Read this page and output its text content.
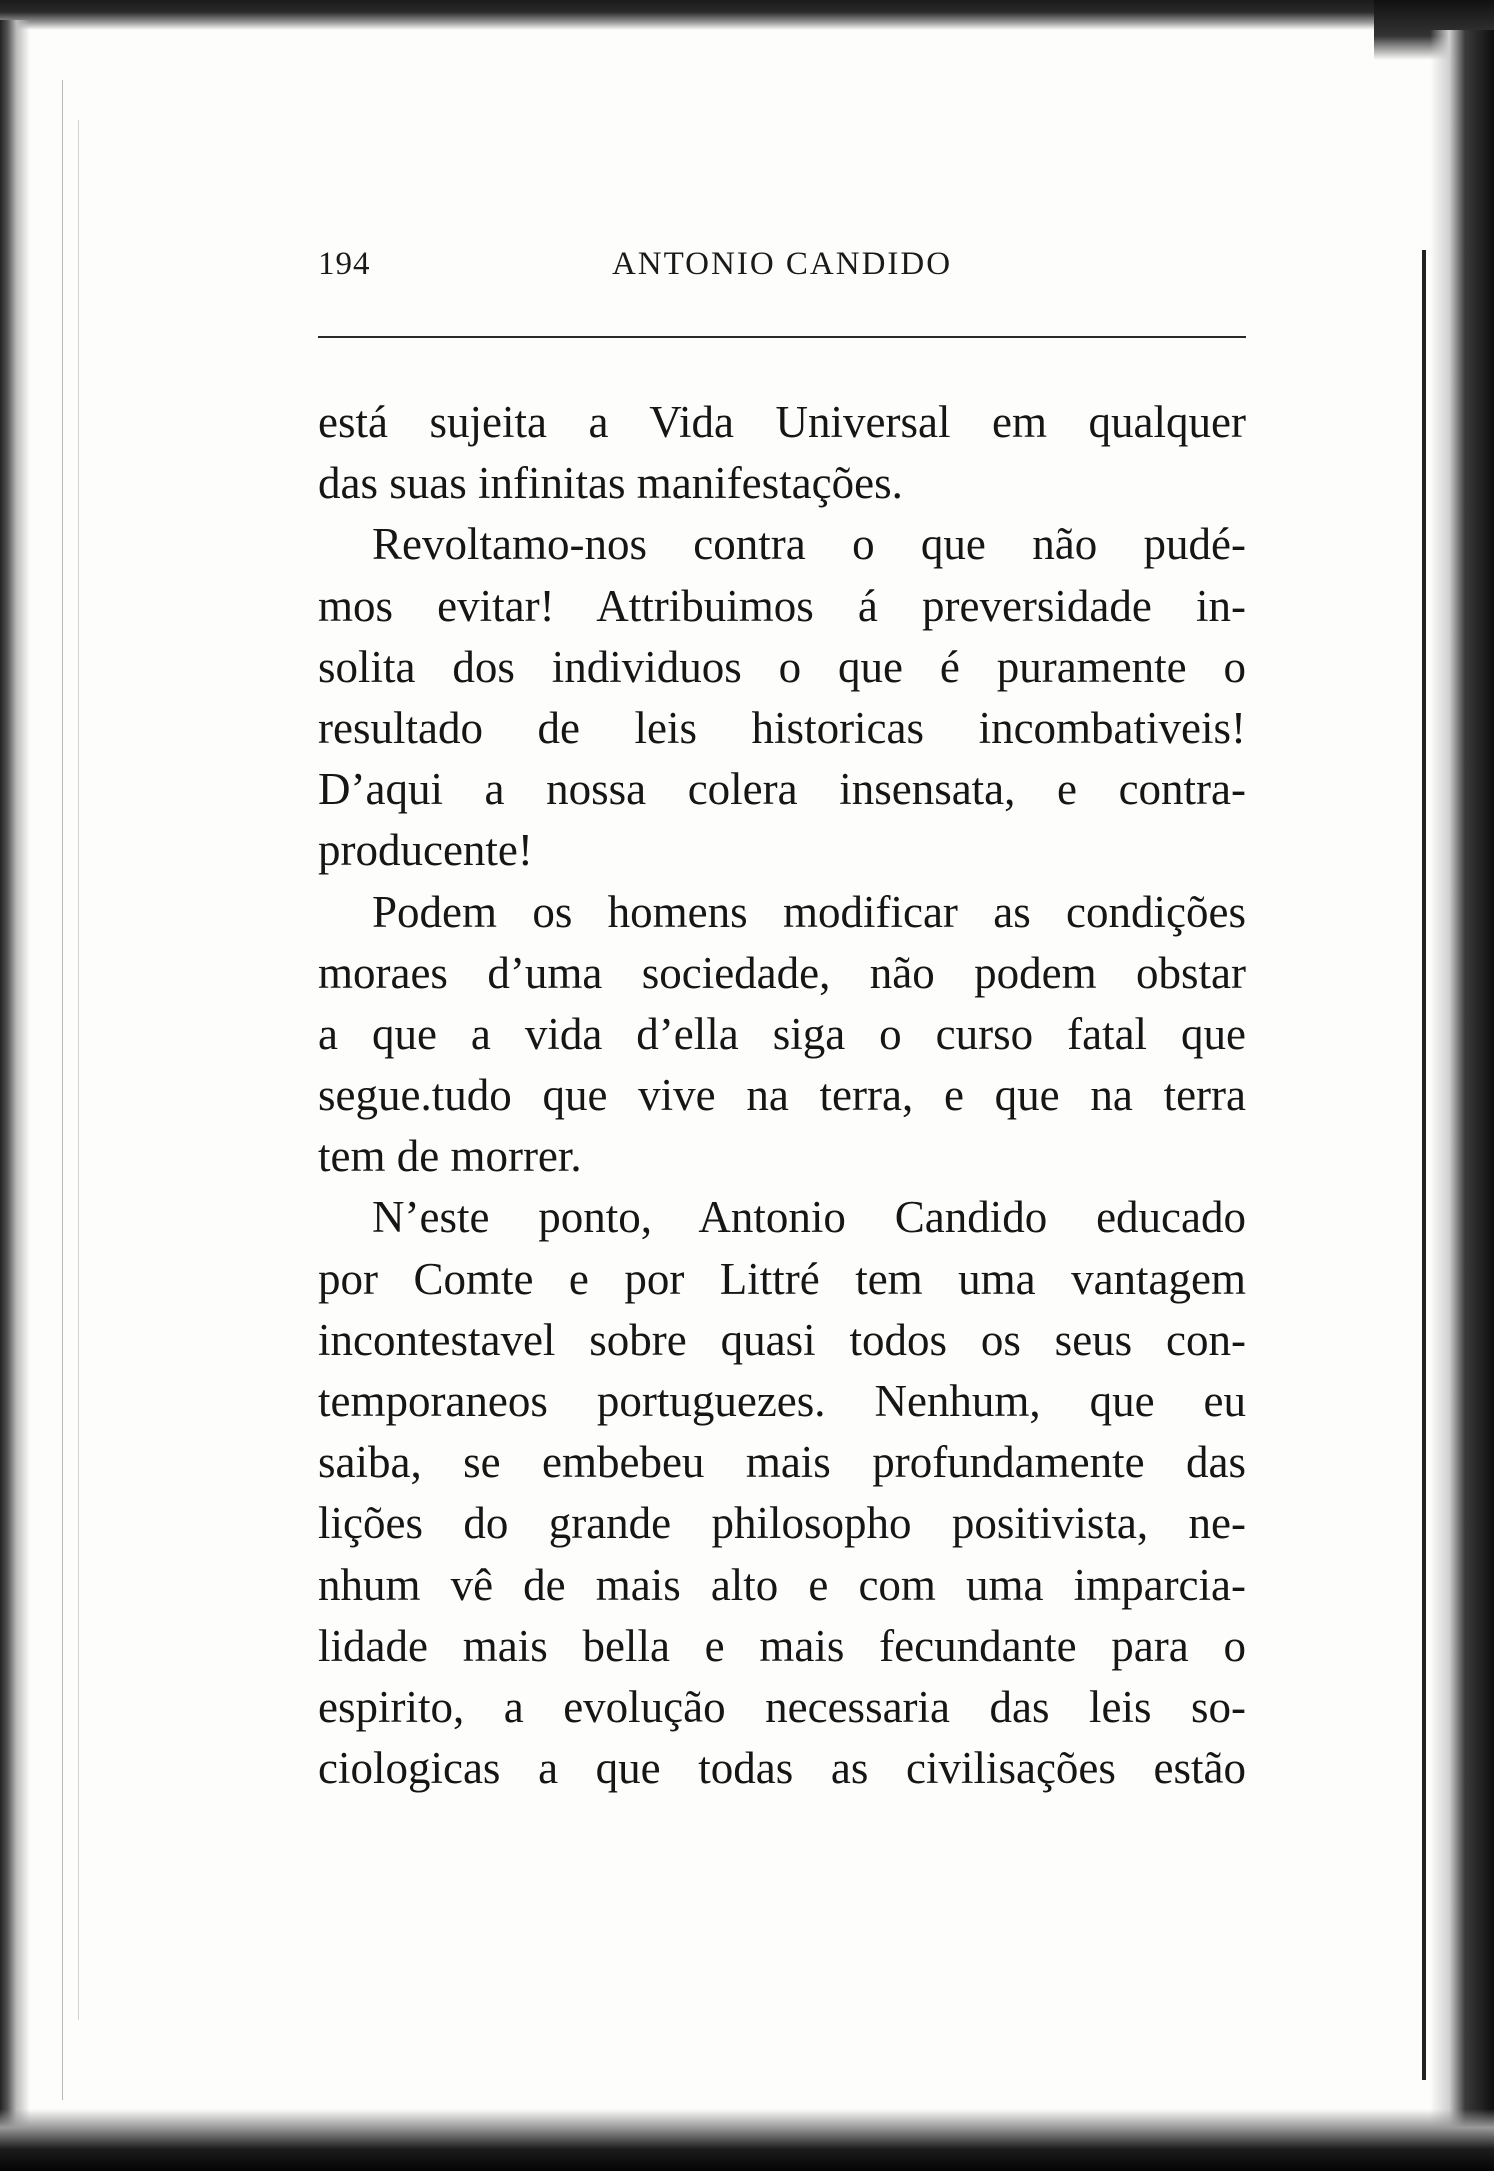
194	ANTONIO CANDIDO
está sujeita a Vida Universal em qualquer
das suas infinitas manifestações.
Revoltamo-nos contra o que não pudé-
mos evitar! Attribuimos á preversidade in-
solita dos individuos o que é puramente o
resultado de leis historicas incombativeis!
D’aqui a nossa colera insensata, e contra-
producente!
Podem os homens modificar as condições
moraes d’uma sociedade, não podem obstar
a que a vida d’ella siga o curso fatal que
segue.tudo que vive na terra, e que na terra
tem de morrer.
N’este ponto, Antonio Candido educado
por Comte e por Littré tem uma vantagem
incontestavel sobre quasi todos os seus con-
temporaneos portuguezes. Nenhum, que eu
saiba, se embebeu mais profundamente das
lições do grande philosopho positivista, ne-
nhum vê de mais alto e com uma imparcia-
lidade mais bella e mais fecundante para o
espirito, a evolução necessaria das leis so-
ciologicas a que todas as civilisações estão
